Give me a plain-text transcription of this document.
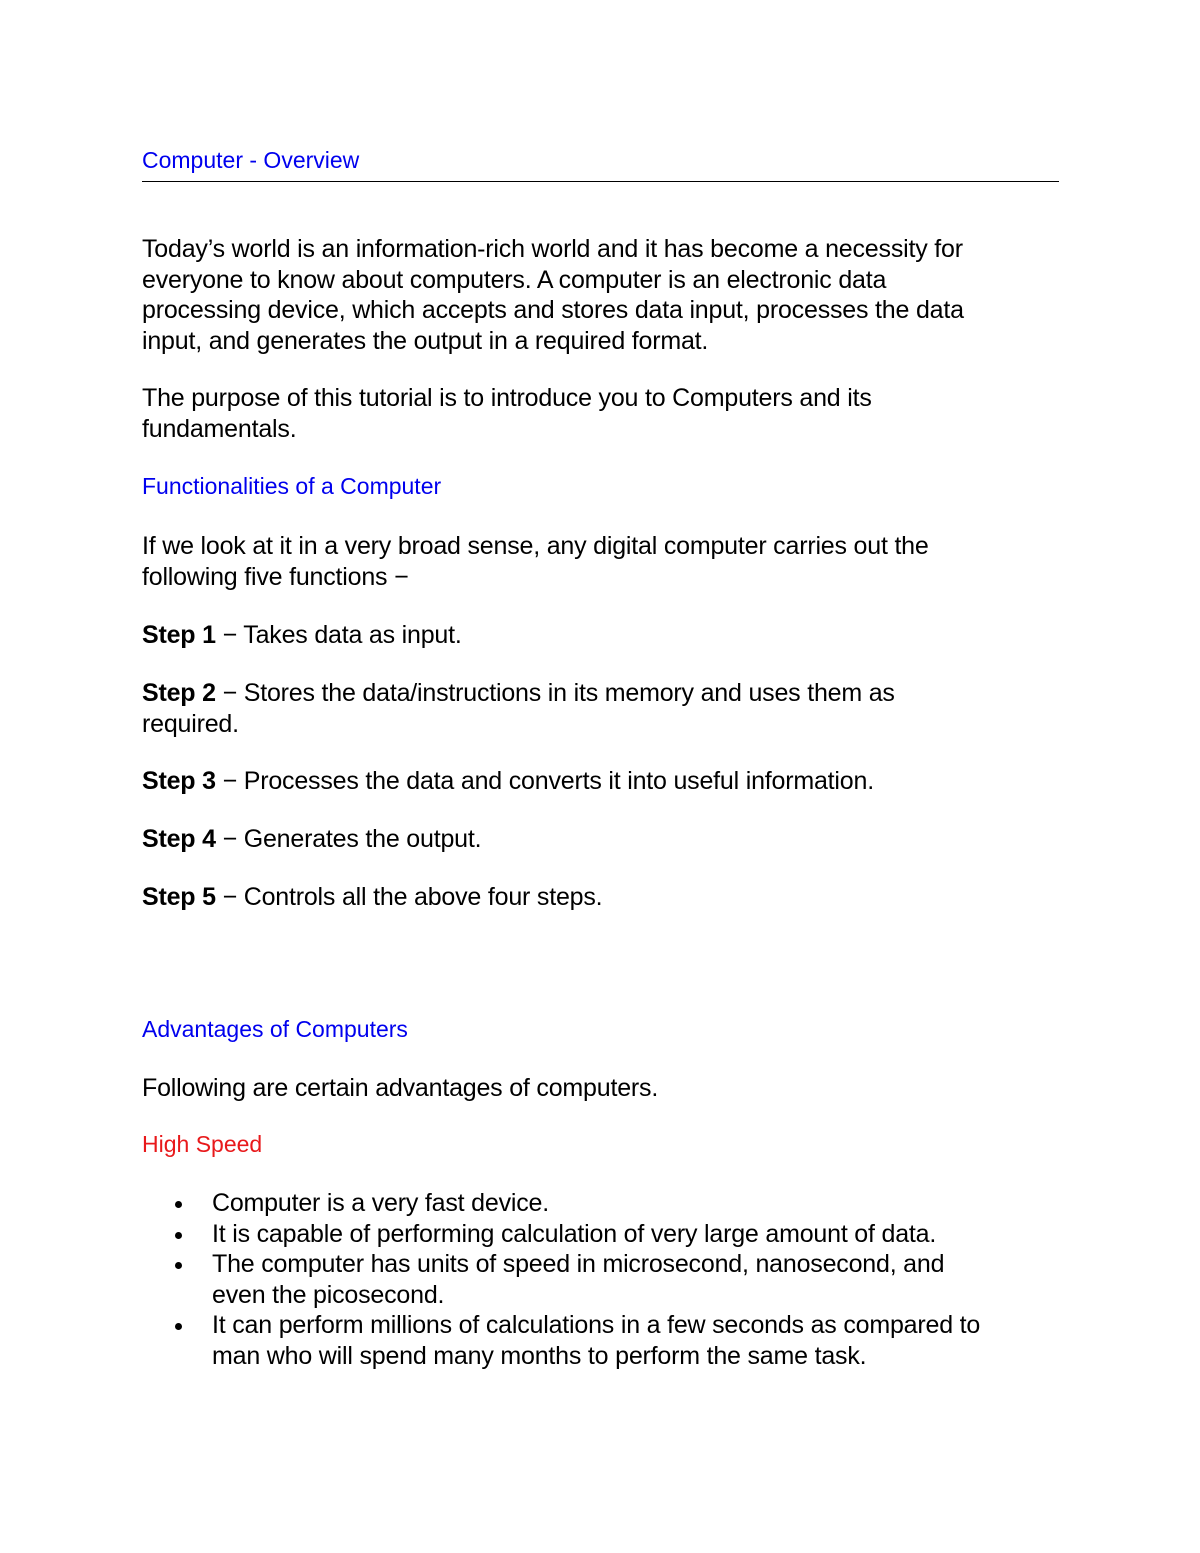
Computer - Overview
Today’s world is an information-rich world and it has become a necessity for
everyone to know about computers. A computer is an electronic data
processing device, which accepts and stores data input, processes the data
input, and generates the output in a required format.
The purpose of this tutorial is to introduce you to Computers and its
fundamentals.
Functionalities of a Computer
If we look at it in a very broad sense, any digital computer carries out the
following five functions −
Step 1 − Takes data as input.
Step 2 − Stores the data/instructions in its memory and uses them as
required.
Step 3 − Processes the data and converts it into useful information.
Step 4 − Generates the output.
Step 5 − Controls all the above four steps.
Advantages of Computers
Following are certain advantages of computers.
High Speed
Computer is a very fast device.
It is capable of performing calculation of very large amount of data.
The computer has units of speed in microsecond, nanosecond, and
even the picosecond.
It can perform millions of calculations in a few seconds as compared to
man who will spend many months to perform the same task.
